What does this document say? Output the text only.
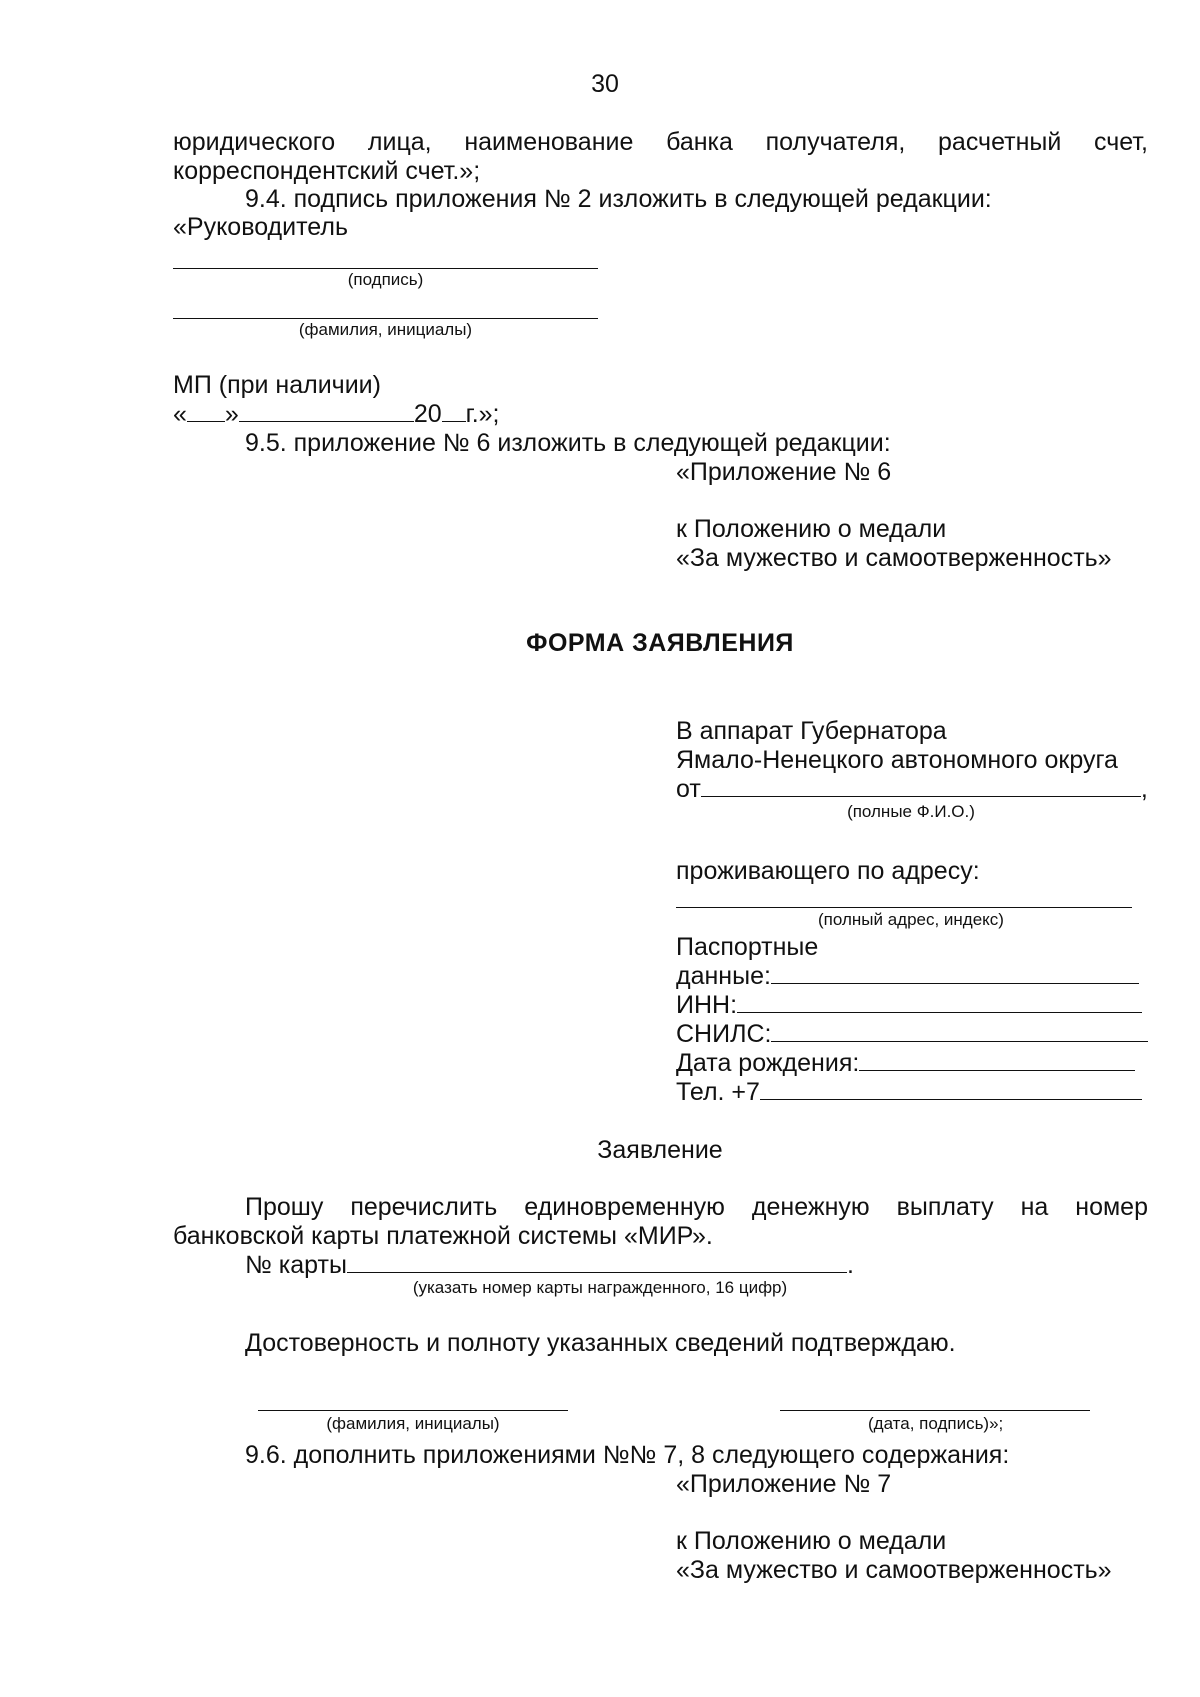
30
юридического лица, наименование банка получателя, расчетный счет,
корреспондентский счет.»;
9.4. подпись приложения № 2 изложить в следующей редакции:
«Руководитель
(подпись)
(фамилия, инициалы)
МП (при наличии)
« »	20 г.»;
9.5. приложение № 6 изложить в следующей редакции:
«Приложение № 6
к Положению о медали
«За мужество и самоотверженность»
ФОРМА ЗАЯВЛЕНИЯ
В аппарат Губернатора
Ямало-Ненецкого автономного округа
от	,
(полные Ф.И.О.)
проживающего по адресу:
(полный адрес, индекс)
Паспортные
данные:
ИНН:
СНИЛС:
Дата рождения:
Тел. +7
Заявление
Прошу перечислить единовременную денежную выплату на номер
банковской карты платежной системы «МИР».
№ карты	.
(указать номер карты награжденного, 16 цифр)
Достоверность и полноту указанных сведений подтверждаю.
(фамилия, инициалы)	(дата, подпись)»;
9.6. дополнить приложениями №№ 7, 8 следующего содержания:
«Приложение № 7
к Положению о медали
«За мужество и самоотверженность»
